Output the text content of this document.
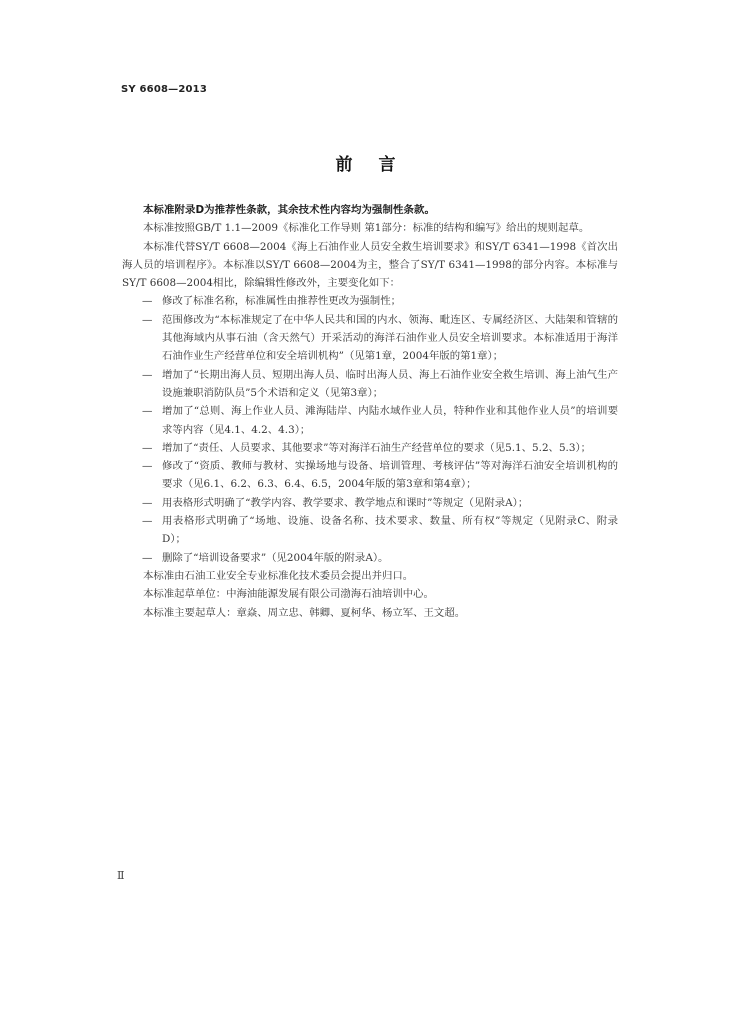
SY 6608—2013
前言

本标准附录D为推荐性条款，其余技术性内容均为强制性条款。

本标准按照GB/T 1.1—2009《标准化工作导则 第1部分：标准的结构和编写》给出的规则起草。

本标准代替SY/T 6608—2004《海上石油作业人员安全救生培训要求》和SY/T 6341—1998《首次出海人员的培训程序》。本标准以SY/T 6608—2004为主，整合了SY/T 6341—1998的部分内容。本标准与SY/T 6608—2004相比，除编辑性修改外，主要变化如下：

— 修改了标准名称，标准属性由推荐性更改为强制性；
— 范围修改为“本标准规定了在中华人民共和国的内水、领海、毗连区、专属经济区、大陆架和管辖的其他海域内从事石油（含天然气）开采活动的海洋石油作业人员安全培训要求。本标准适用于海洋石油作业生产经营单位和安全培训机构”（见第1章，2004年版的第1章）；
— 增加了“长期出海人员、短期出海人员、临时出海人员、海上石油作业安全救生培训、海上油气生产设施兼职消防队员”5个术语和定义（见第3章）；
— 增加了“总则、海上作业人员、滩海陆岸、内陆水域作业人员，特种作业和其他作业人员”的培训要求等内容（见4.1、4.2、4.3）；
— 增加了“责任、人员要求、其他要求”等对海洋石油生产经营单位的要求（见5.1、5.2、5.3）；
— 修改了“资质、教师与教材、实操场地与设备、培训管理、考核评估”等对海洋石油安全培训机构的要求（见6.1、6.2、6.3、6.4、6.5，2004年版的第3章和第4章）；
— 用表格形式明确了“教学内容、教学要求、教学地点和课时”等规定（见附录A）；
— 用表格形式明确了“场地、设施、设备名称、技术要求、数量、所有权”等规定（见附录C、附录D）；
— 删除了“培训设备要求”（见2004年版的附录A）。

本标准由石油工业安全专业标准化技术委员会提出并归口。

本标准起草单位：中海油能源发展有限公司渤海石油培训中心。

本标准主要起草人：章焱、周立忠、韩卿、夏柯华、杨立军、王文超。

Ⅱ
